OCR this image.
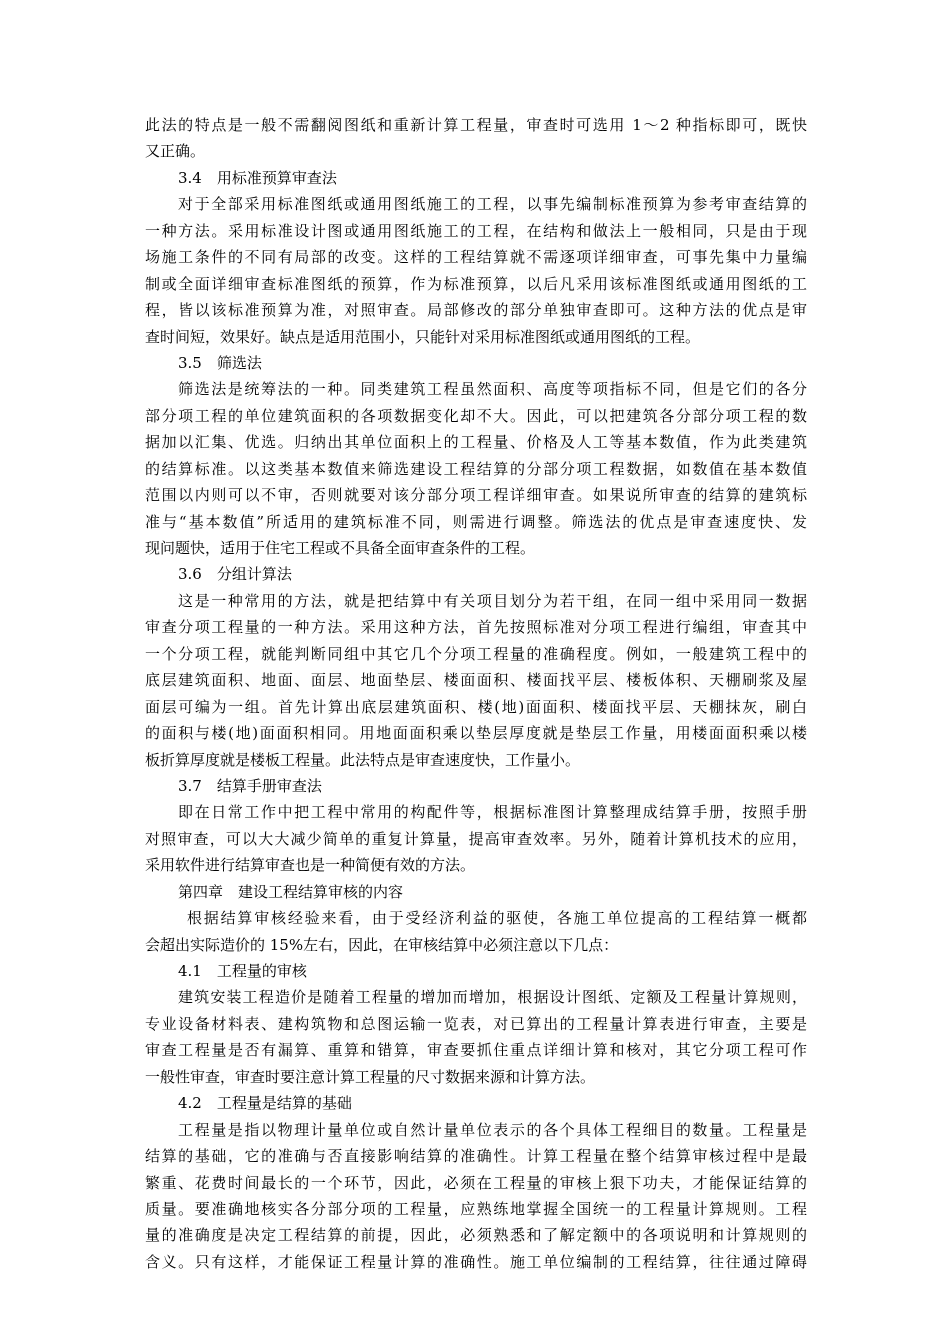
此法的特点是一般不需翻阅图纸和重新计算工程量，审查时可选用 1～2 种指标即可，既快
又正确。
3.4　用标准预算审查法
对于全部采用标准图纸或通用图纸施工的工程，以事先编制标准预算为参考审查结算的
一种方法。采用标准设计图或通用图纸施工的工程，在结构和做法上一般相同，只是由于现
场施工条件的不同有局部的改变。这样的工程结算就不需逐项详细审查，可事先集中力量编
制或全面详细审查标准图纸的预算，作为标准预算，以后凡采用该标准图纸或通用图纸的工
程，皆以该标准预算为准，对照审查。局部修改的部分单独审查即可。这种方法的优点是审
查时间短，效果好。缺点是适用范围小，只能针对采用标准图纸或通用图纸的工程。
3.5　筛选法
筛选法是统筹法的一种。同类建筑工程虽然面积、高度等项指标不同，但是它们的各分
部分项工程的单位建筑面积的各项数据变化却不大。因此，可以把建筑各分部分项工程的数
据加以汇集、优选。归纳出其单位面积上的工程量、价格及人工等基本数值，作为此类建筑
的结算标准。以这类基本数值来筛选建设工程结算的分部分项工程数据，如数值在基本数值
范围以内则可以不审，否则就要对该分部分项工程详细审查。如果说所审查的结算的建筑标
准与“基本数值”所适用的建筑标准不同，则需进行调整。筛选法的优点是审查速度快、发
现问题快，适用于住宅工程或不具备全面审查条件的工程。
3.6　分组计算法
这是一种常用的方法，就是把结算中有关项目划分为若干组，在同一组中采用同一数据
审查分项工程量的一种方法。采用这种方法，首先按照标准对分项工程进行编组，审查其中
一个分项工程，就能判断同组中其它几个分项工程量的准确程度。例如，一般建筑工程中的
底层建筑面积、地面、面层、地面垫层、楼面面积、楼面找平层、楼板体积、天棚刷浆及屋
面层可编为一组。首先计算出底层建筑面积、楼(地)面面积、楼面找平层、天棚抹灰，刷白
的面积与楼(地)面面积相同。用地面面积乘以垫层厚度就是垫层工作量，用楼面面积乘以楼
板折算厚度就是楼板工程量。此法特点是审查速度快，工作量小。
3.7　结算手册审查法
即在日常工作中把工程中常用的构配件等，根据标准图计算整理成结算手册，按照手册
对照审查，可以大大减少简单的重复计算量，提高审查效率。另外，随着计算机技术的应用，
采用软件进行结算审查也是一种简便有效的方法。
第四章　建设工程结算审核的内容
根据结算审核经验来看，由于受经济利益的驱使，各施工单位提高的工程结算一概都
会超出实际造价的 15%左右，因此，在审核结算中必须注意以下几点：
4.1　工程量的审核
建筑安装工程造价是随着工程量的增加而增加，根据设计图纸、定额及工程量计算规则，
专业设备材料表、建构筑物和总图运输一览表，对已算出的工程量计算表进行审查，主要是
审查工程量是否有漏算、重算和错算，审查要抓住重点详细计算和核对，其它分项工程可作
一般性审查，审查时要注意计算工程量的尺寸数据来源和计算方法。
4.2　工程量是结算的基础
工程量是指以物理计量单位或自然计量单位表示的各个具体工程细目的数量。工程量是
结算的基础，它的准确与否直接影响结算的准确性。计算工程量在整个结算审核过程中是最
繁重、花费时间最长的一个环节，因此，必须在工程量的审核上狠下功夫，才能保证结算的
质量。要准确地核实各分部分项的工程量，应熟练地掌握全国统一的工程量计算规则。工程
量的准确度是决定工程结算的前提，因此，必须熟悉和了解定额中的各项说明和计算规则的
含义。只有这样，才能保证工程量计算的准确性。施工单位编制的工程结算，往往通过障碍
